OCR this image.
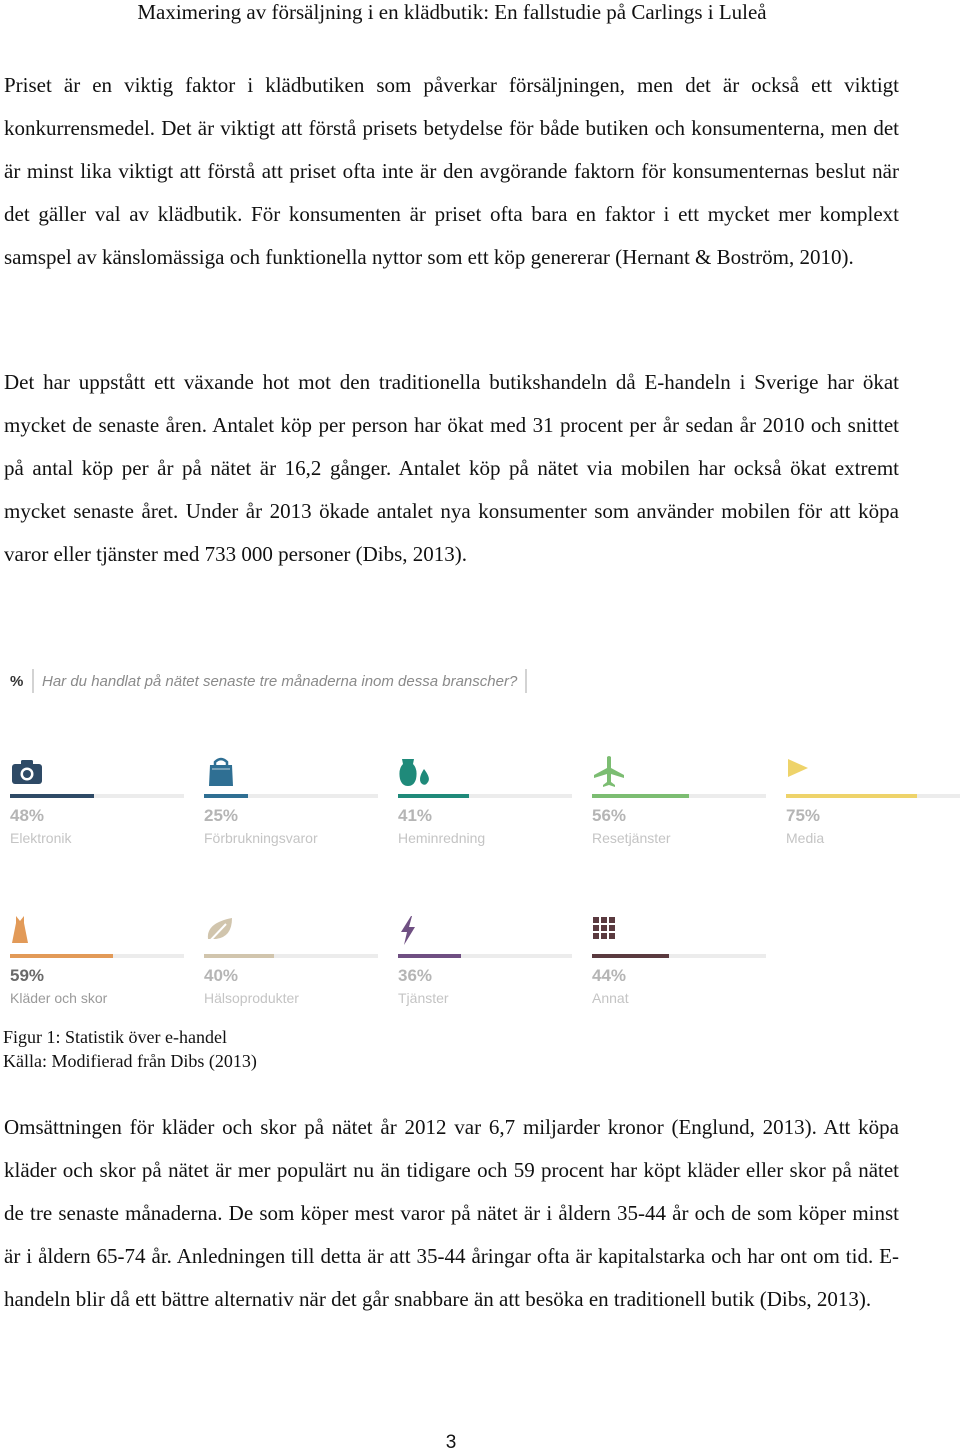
Maximering av försäljning i en klädbutik: En fallstudie på Carlings i Luleå

Priset är en viktig faktor i klädbutiken som påverkar försäljningen, men det är också ett viktigt konkurrensmedel. Det är viktigt att förstå prisets betydelse för både butiken och konsumenterna, men det är minst lika viktigt att förstå att priset ofta inte är den avgörande faktorn för konsumenternas beslut när det gäller val av klädbutik. För konsumenten är priset ofta bara en faktor i ett mycket mer komplext samspel av känslomässiga och funktionella nyttor som ett köp genererar (Hernant & Boström, 2010).

Det har uppstått ett växande hot mot den traditionella butikshandeln då E-handeln i Sverige har ökat mycket de senaste åren. Antalet köp per person har ökat med 31 procent per år sedan år 2010 och snittet på antal köp per år på nätet är 16,2 gånger. Antalet köp på nätet via mobilen har också ökat extremt mycket senaste året. Under år 2013 ökade antalet nya konsumenter som använder mobilen för att köpa varor eller tjänster med 733 000 personer (Dibs, 2013).

%	Har du handlat på nätet senaste tre månaderna inom dessa branscher?
48%
Elektronik
25%
Förbrukningsvaror
41%
Heminredning
56%
Resetjänster
75%
Media
59%
Kläder och skor
40%
Hälsoprodukter
36%
Tjänster
44%
Annat
Figur 1: Statistik över e-handel
Källa: Modifierad från Dibs (2013)

Omsättningen för kläder och skor på nätet år 2012 var 6,7 miljarder kronor (Englund, 2013). Att köpa kläder och skor på nätet är mer populärt nu än tidigare och 59 procent har köpt kläder eller skor på nätet de tre senaste månaderna. De som köper mest varor på nätet är i åldern 35-44 år och de som köper minst är i åldern 65-74 år. Anledningen till detta är att 35-44 åringar ofta är kapitalstarka och har ont om tid. E-handeln blir då ett bättre alternativ när det går snabbare än att besöka en traditionell butik (Dibs, 2013).

3
